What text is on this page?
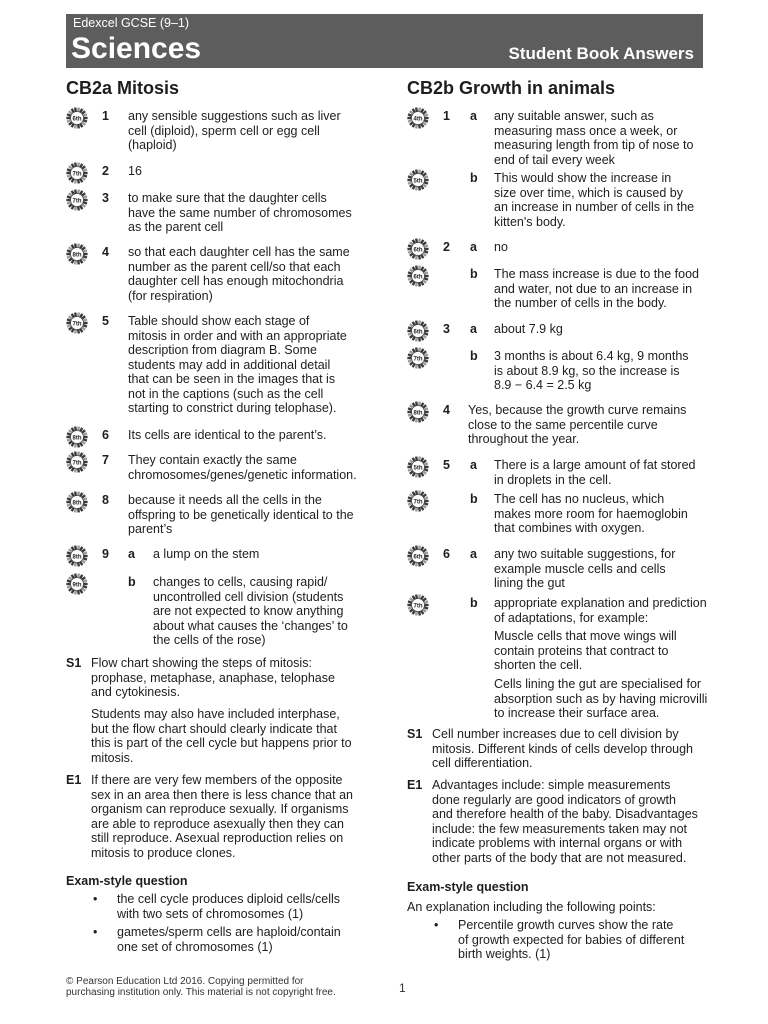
Edexcel GCSE (9–1)
Sciences	Student Book Answers
CB2a Mitosis	CB2b Growth in animals
© Pearson Education Ltd 2016. Copying permitted for
purchasing institution only. This material is not copyright free.	1
6th 1 any sensible suggestions such as liver
cell (diploid), sperm cell or egg cell
(haploid)
7th 2 16
7th 3 to make sure that the daughter cells
have the same number of chromosomes
as the parent cell
8th 4 so that each daughter cell has the same
number as the parent cell/so that each
daughter cell has enough mitochondria
(for respiration)
7th 5 Table should show each stage of
mitosis in order and with an appropriate
description from diagram B. Some
students may add in additional detail
that can be seen in the images that is
not in the captions (such as the cell
starting to constrict during telophase).
8th 6 Its cells are identical to the parent’s.
7th 7 They contain exactly the same
chromosomes/genes/genetic information.
8th 8 because it needs all the cells in the
offspring to be genetically identical to the
parent’s
8th 9 a a lump on the stem
9th	b changes to cells, causing rapid/
uncontrolled cell division (students
are not expected to know anything
about what causes the ‘changes’ to
the cells of the rose)
S1 Flow chart showing the steps of mitosis:
prophase, metaphase, anaphase, telophase
and cytokinesis.
Students may also have included interphase,
but the flow chart should clearly indicate that
this is part of the cell cycle but happens prior to
mitosis.
E1 If there are very few members of the opposite
sex in an area then there is less chance that an
organism can reproduce sexually. If organisms
are able to reproduce asexually then they can
still reproduce. Asexual reproduction relies on
mitosis to produce clones.
Exam-style question
• the cell cycle produces diploid cells/cells
with two sets of chromosomes (1)
• gametes/sperm cells are haploid/contain
one set of chromosomes (1)
4th 1 a any suitable answer, such as
measuring mass once a week, or
measuring length from tip of nose to
end of tail every week
5th	b This would show the increase in
size over time, which is caused by
an increase in number of cells in the
kitten's body.
6th 2 a no
6th	b The mass increase is due to the food
and water, not due to an increase in
the number of cells in the body.
6th 3 a about 7.9 kg
7th	b 3 months is about 6.4 kg, 9 months
is about 8.9 kg, so the increase is
8.9 − 6.4 = 2.5 kg
8th 4 Yes, because the growth curve remains
close to the same percentile curve
throughout the year.
5th 5 a There is a large amount of fat stored
in droplets in the cell.
7th	b The cell has no nucleus, which
makes more room for haemoglobin
that combines with oxygen.
6th 6 a any two suitable suggestions, for
example muscle cells and cells
lining the gut
7th	b appropriate explanation and prediction
of adaptations, for example:
Muscle cells that move wings will
contain proteins that contract to
shorten the cell.
Cells lining the gut are specialised for
absorption such as by having microvilli
to increase their surface area.
S1 Cell number increases due to cell division by
mitosis. Different kinds of cells develop through
cell differentiation.
E1 Advantages include: simple measurements
done regularly are good indicators of growth
and therefore health of the baby. Disadvantages
include: the few measurements taken may not
indicate problems with internal organs or with
other parts of the body that are not measured.
Exam-style question
An explanation including the following points:
• Percentile growth curves show the rate
of growth expected for babies of different
birth weights. (1)
